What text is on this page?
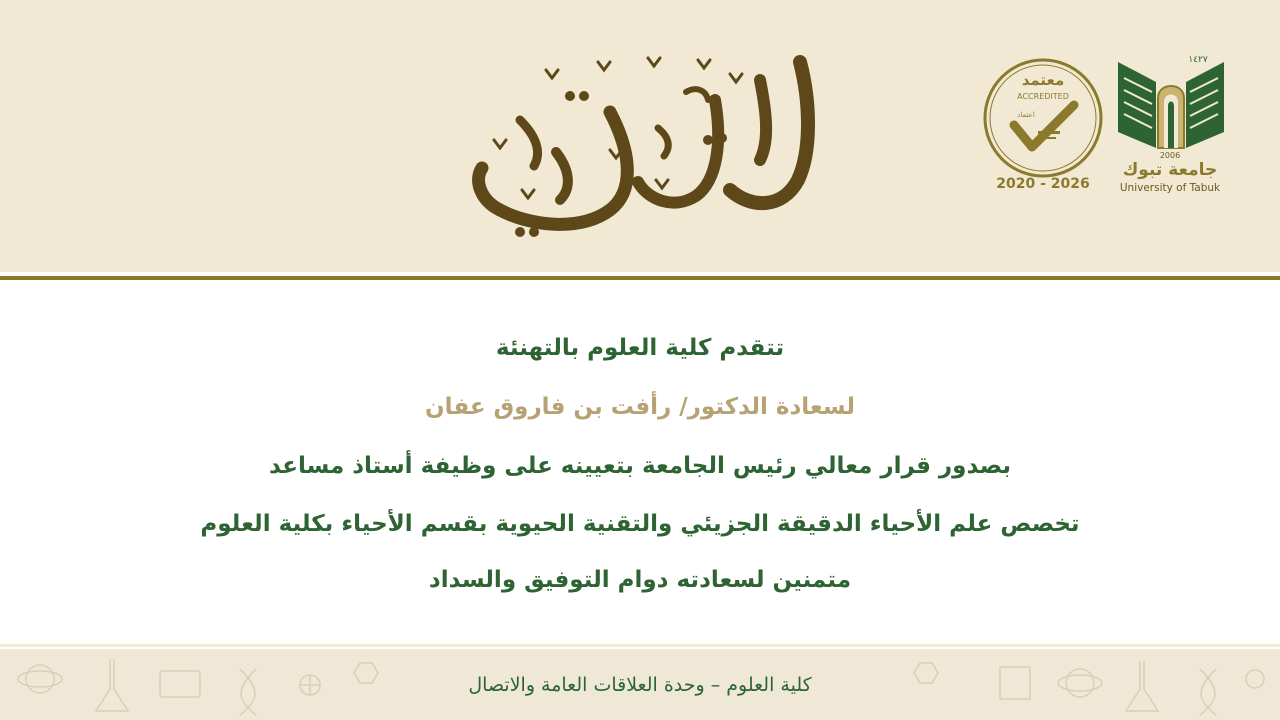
معتمد
ACCREDITED
اعتماد
2020 - 2026
١٤٢٧
2006
جامعة تبوك
University of Tabuk
تتقدم كلية العلوم بالتهنئة
لسعادة الدكتور/ رأفت بن فاروق عفان
بصدور قرار معالي رئيس الجامعة بتعيينه على وظيفة أستاذ مساعد
تخصص علم الأحياء الدقيقة الجزيئي والتقنية الحيوية بقسم الأحياء بكلية العلوم
متمنين لسعادته دوام التوفيق والسداد
كلية العلوم – وحدة العلاقات العامة والاتصال
